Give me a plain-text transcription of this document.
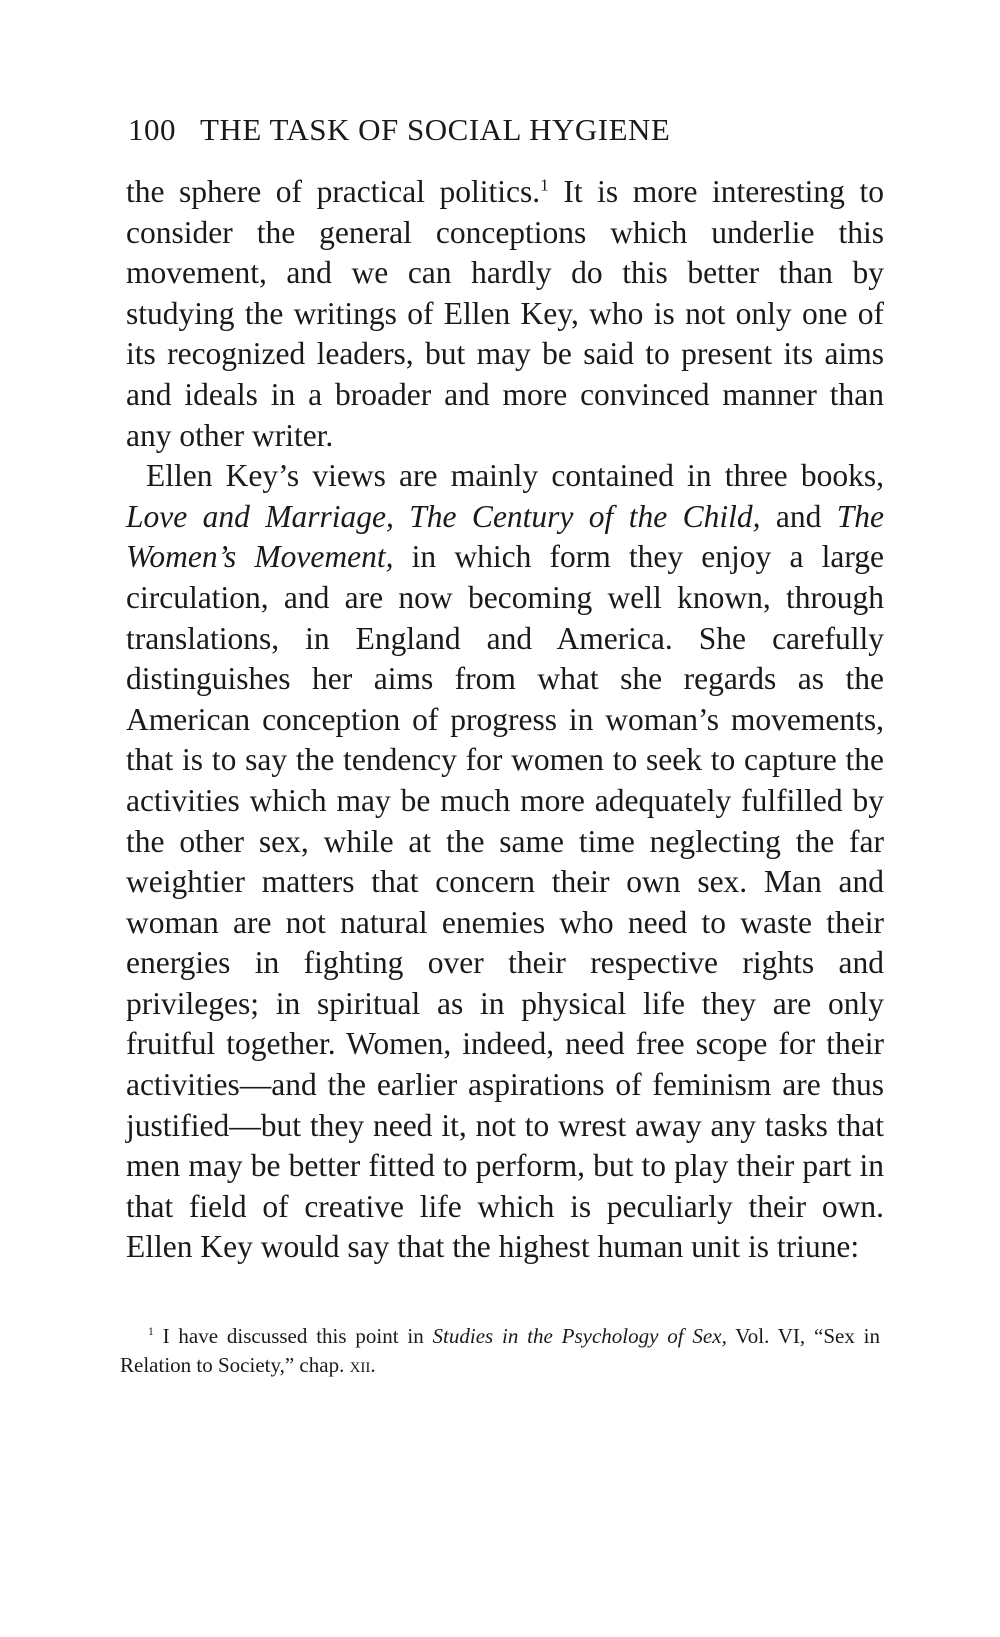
100 THE TASK OF SOCIAL HYGIENE

the sphere of practical politics.$^1$ It is more interesting to consider the general conceptions which underlie this movement, and we can hardly do this better than by studying the writings of Ellen Key, who is not only one of its recognized leaders, but may be said to present its aims and ideals in a broader and more convinced manner than any other writer.

Ellen Key’s views are mainly contained in three books, Love and Marriage, The Century of the Child, and The Women’s Movement, in which form they enjoy a large circulation, and are now becoming well known, through translations, in England and America. She carefully distinguishes her aims from what she regards as the American conception of progress in woman’s movements, that is to say the tendency for women to seek to capture the activities which may be much more adequately fulfilled by the other sex, while at the same time neglecting the far weightier matters that concern their own sex. Man and woman are not natural enemies who need to waste their energies in fighting over their respective rights and privileges; in spiritual as in physical life they are only fruitful together. Women, indeed, need free scope for their activities—and the earlier aspirations of feminism are thus justified—but they need it, not to wrest away any tasks that men may be better fitted to perform, but to play their part in that field of creative life which is peculiarly their own. Ellen Key would say that the highest human unit is triune:

$^1$ I have discussed this point in Studies in the Psychology of Sex, Vol. VI, “Sex in Relation to Society,” chap. xii.
